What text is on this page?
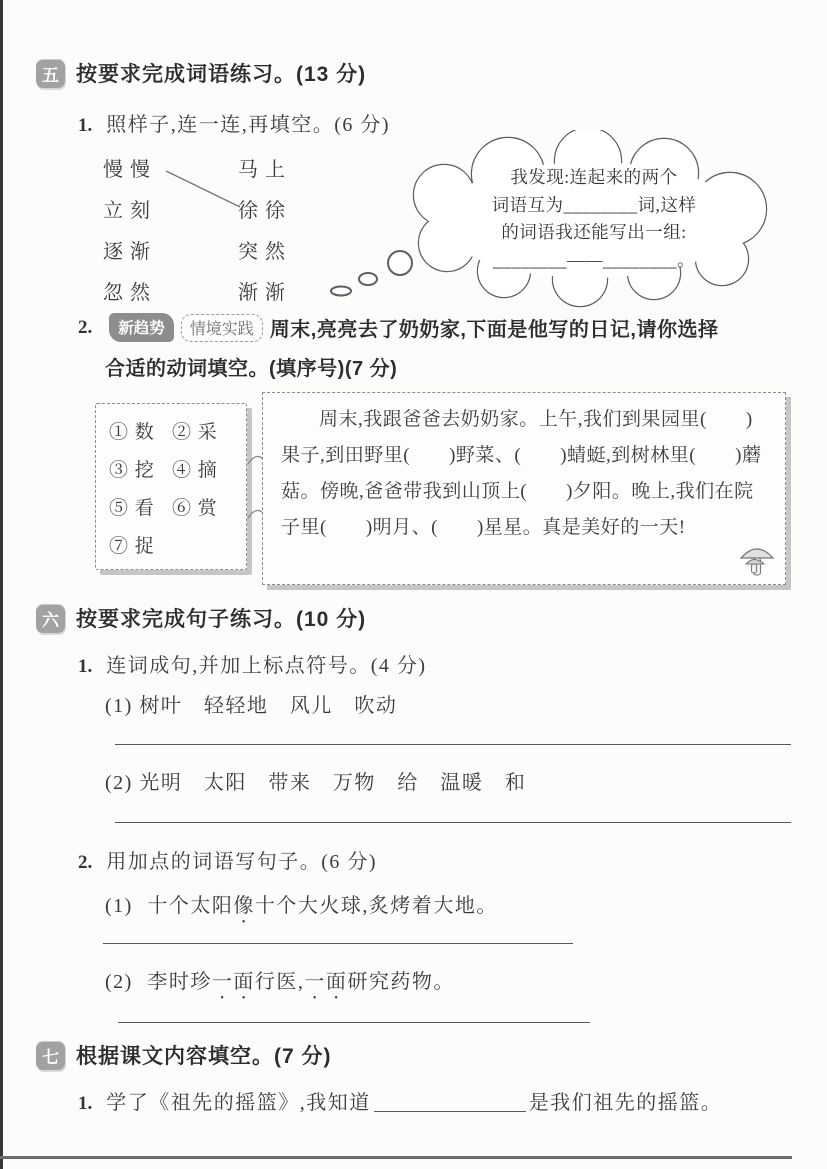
五 按要求完成词语练习。(13 分)
1. 照样子,连一连,再填空。(6 分)
慢慢
立刻
逐渐
忽然
马上
徐徐
突然
渐渐
我发现:连起来的两个
词语互为________词,这样
的词语我还能写出一组:
________——________。
2.	新趋势	情境实践 周末,亮亮去了奶奶家,下面是他写的日记,请你选择
合适的动词填空。(填序号)(7 分)
① 数 ② 采
③ 挖 ④ 摘
⑤ 看 ⑥ 赏
⑦ 捉
周末,我跟爸爸去奶奶家。上午,我们到果园里(　　)果子,到田野里(　　)野菜、(　　)蜻蜓,到树林里(　　)蘑菇。傍晚,爸爸带我到山顶上(　　)夕阳。晚上,我们在院子里(　　)明月、(　　)星星。真是美好的一天!
六 按要求完成句子练习。(10 分)
1. 连词成句,并加上标点符号。(4 分)
(1) 树叶　轻轻地　风儿　吹动
(2) 光明　太阳　带来　万物　给　温暖　和
2. 用加点的词语写句子。(6 分)
(1) 十个太阳像十个大火球,炙烤着大地。
(2) 李时珍一面行医,一面研究药物。
七 根据课文内容填空。(7 分)
1. 学了《祖先的摇篮》,我知道	是我们祖先的摇篮。
